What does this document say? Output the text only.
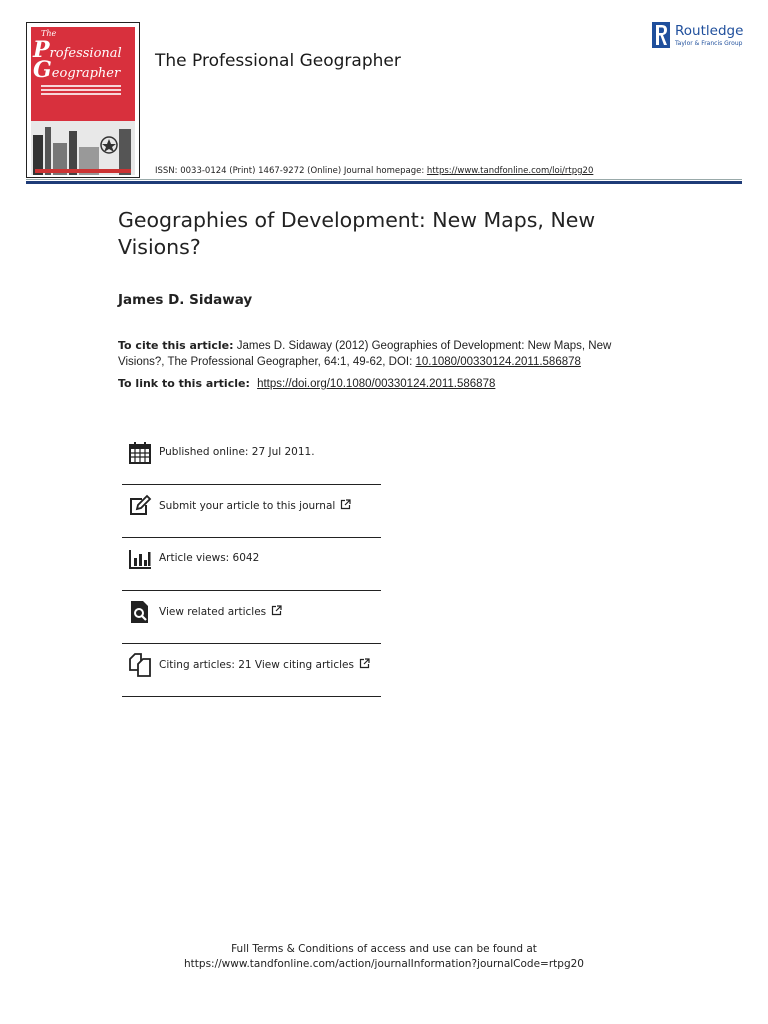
The
Professional
Geographer
The Professional Geographer
ISSN: 0033-0124 (Print) 1467-9272 (Online) Journal homepage: https://www.tandfonline.com/loi/rtpg20
Routledge
Taylor & Francis Group
Geographies of Development: New Maps, New Visions?
James D. Sidaway
To cite this article: James D. Sidaway (2012) Geographies of Development: New Maps, New Visions?, The Professional Geographer, 64:1, 49-62, DOI: 10.1080/00330124.2011.586878
To link to this article: https://doi.org/10.1080/00330124.2011.586878
Published online: 27 Jul 2011.
Submit your article to this journal
Article views: 6042
View related articles
Citing articles: 21 View citing articles
Full Terms & Conditions of access and use can be found at
https://www.tandfonline.com/action/journalInformation?journalCode=rtpg20
